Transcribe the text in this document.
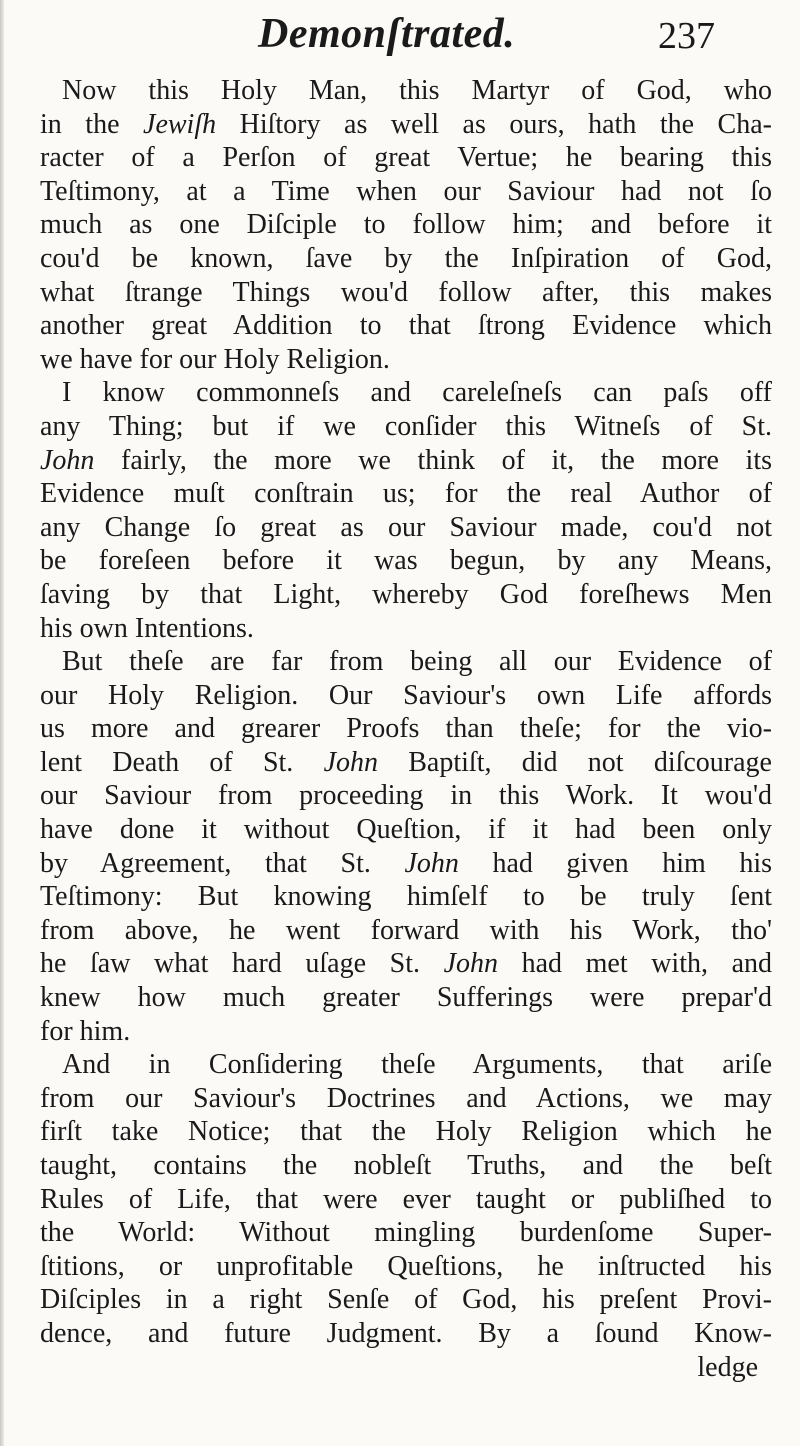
Demonſtrated.	237
Now this Holy Man, this Martyr of God, who
in the Jewiſh Hiſtory as well as ours, hath the Cha-
racter of a Perſon of great Vertue; he bearing this
Teſtimony, at a Time when our Saviour had not ſo
much as one Diſciple to follow him; and before it
cou'd be known, ſave by the Inſpiration of God,
what ſtrange Things wou'd follow after, this makes
another great Addition to that ſtrong Evidence which
we have for our Holy Religion.
I know commonneſs and careleſneſs can paſs off
any Thing; but if we conſider this Witneſs of St.
John fairly, the more we think of it, the more its
Evidence muſt conſtrain us; for the real Author of
any Change ſo great as our Saviour made, cou'd not
be foreſeen before it was begun, by any Means,
ſaving by that Light, whereby God foreſhews Men
his own Intentions.
But theſe are far from being all our Evidence of
our Holy Religion. Our Saviour's own Life affords
us more and grearer Proofs than theſe; for the vio-
lent Death of St. John Baptiſt, did not diſcourage
our Saviour from proceeding in this Work. It wou'd
have done it without Queſtion, if it had been only
by Agreement, that St. John had given him his
Teſtimony: But knowing himſelf to be truly ſent
from above, he went forward with his Work, tho'
he ſaw what hard uſage St. John had met with, and
knew how much greater Sufferings were prepar'd
for him.
And in Conſidering theſe Arguments, that ariſe
from our Saviour's Doctrines and Actions, we may
firſt take Notice; that the Holy Religion which he
taught, contains the nobleſt Truths, and the beſt
Rules of Life, that were ever taught or publiſhed to
the World: Without mingling burdenſome Super-
ſtitions, or unprofitable Queſtions, he inſtructed his
Diſciples in a right Senſe of God, his preſent Provi-
dence, and future Judgment. By a ſound Know-
ledge
